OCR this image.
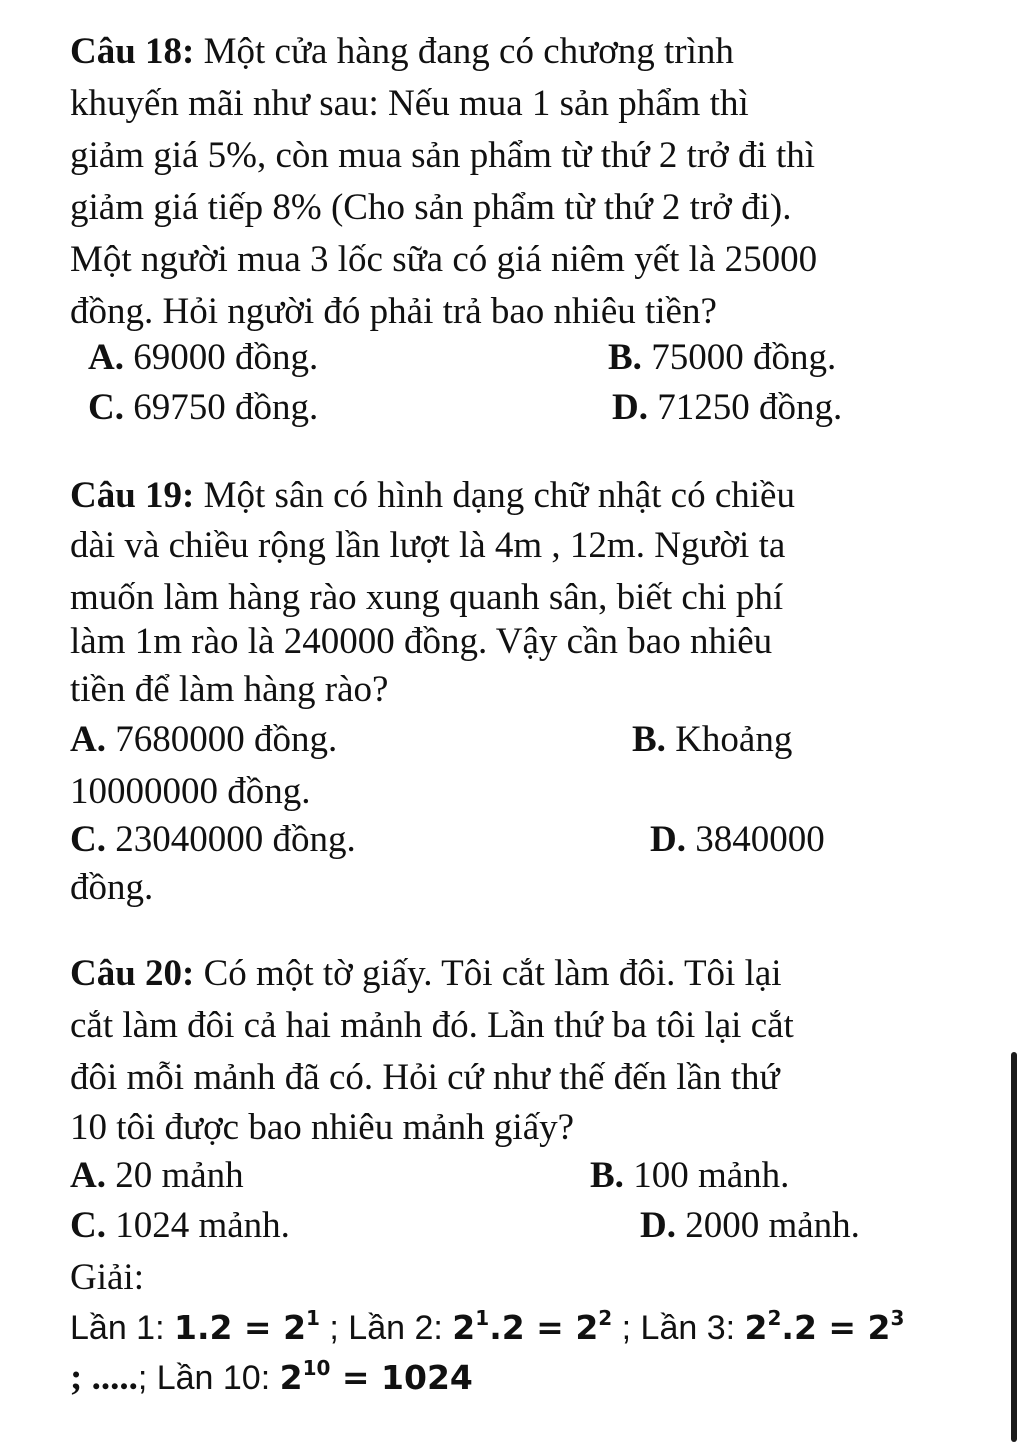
Câu 18: Một cửa hàng đang có chương trình
khuyến mãi như sau: Nếu mua 1 sản phẩm thì
giảm giá 5%, còn mua sản phẩm từ thứ 2 trở đi thì
giảm giá tiếp 8% (Cho sản phẩm từ thứ 2 trở đi).
Một người mua 3 lốc sữa có giá niêm yết là 25000
đồng. Hỏi người đó phải trả bao nhiêu tiền?
A. 69000 đồng.	B. 75000 đồng.
C. 69750 đồng.	D. 71250 đồng.
Câu 19: Một sân có hình dạng chữ nhật có chiều
dài và chiều rộng lần lượt là 4m , 12m. Người ta
muốn làm hàng rào xung quanh sân, biết chi phí
làm 1m rào là 240000 đồng. Vậy cần bao nhiêu
tiền để làm hàng rào?
A. 7680000 đồng.	B. Khoảng
10000000 đồng.
C. 23040000 đồng.	D. 3840000
đồng.
Câu 20: Có một tờ giấy. Tôi cắt làm đôi. Tôi lại
cắt làm đôi cả hai mảnh đó. Lần thứ ba tôi lại cắt
đôi mỗi mảnh đã có. Hỏi cứ như thế đến lần thứ
10 tôi được bao nhiêu mảnh giấy?
A. 20 mảnh	B. 100 mảnh.
C. 1024 mảnh.	D. 2000 mảnh.
Giải:
Lần 1: $1.2 = 2^1$ ; Lần 2: $2^1.2 = 2^2$ ; Lần 3: $2^2.2 = 2^3$
; .....; Lần 10: $2^{10} = 1024$
